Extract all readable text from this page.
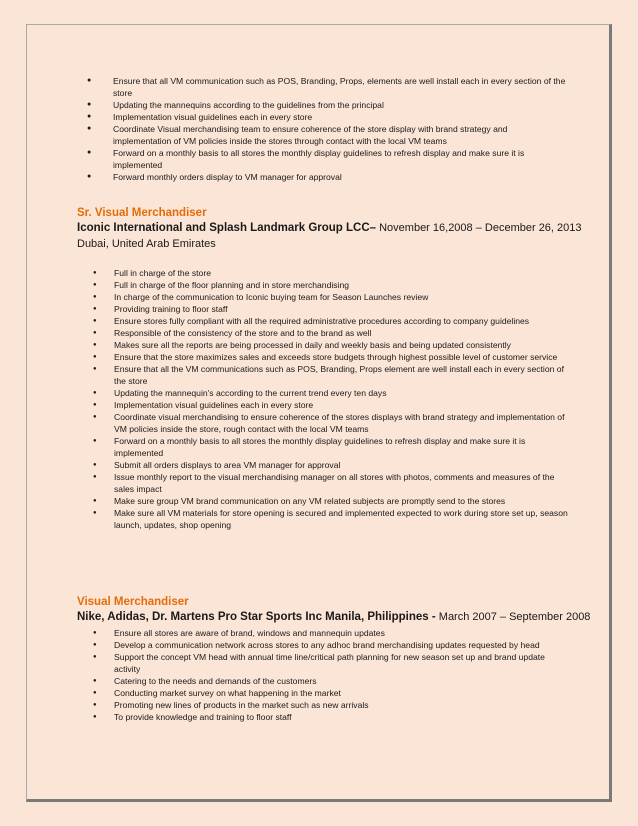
● Ensure that all VM communication such as POS, Branding, Props, elements are well install each in every section of the store
● Updating the mannequins according to the guidelines from the principal
● Implementation visual guidelines each in every store
● Coordinate Visual merchandising team to ensure coherence of the store display with brand strategy and implementation of VM policies inside the stores through contact with the local VM teams
● Forward on a monthly basis to all stores the monthly display guidelines to refresh display and make sure it is implemented
● Forward monthly orders display to VM manager for approval
Sr. Visual Merchandiser
Iconic International and Splash Landmark Group LCC– November 16,2008 – December 26, 2013
Dubai, United Arab Emirates
● Full in charge of the store
● Full in charge of the floor planning and in store merchandising
● In charge of the communication to Iconic buying team for Season Launches review
● Providing training to floor staff
● Ensure stores fully compliant with all the required administrative procedures according to company guidelines
● Responsible of the consistency of the store and to the brand as well
● Makes sure all the reports are being processed in daily and weekly basis and being updated consistently
● Ensure that the store maximizes sales and exceeds store budgets through highest possible level of customer service
● Ensure that all the VM communications such as POS, Branding, Props element are well install each in every section of the store
● Updating the mannequin's according to the current trend every ten days
● Implementation visual guidelines each in every store
● Coordinate visual merchandising to ensure coherence of the stores displays with brand strategy and implementation of VM policies inside the store, rough contact with the local VM teams
● Forward on a monthly basis to all stores the monthly display guidelines to refresh display and make sure it is implemented
● Submit all orders displays to area VM manager for approval
● Issue monthly report to the visual merchandising manager on all stores with photos, comments and measures of the sales impact
● Make sure group VM brand communication on any VM related subjects are promptly send to the stores
● Make sure all VM materials for store opening is secured and implemented expected to work during store set up, season launch, updates, shop opening
Visual Merchandiser
Nike, Adidas, Dr. Martens Pro Star Sports Inc Manila, Philippines - March 2007 – September 2008
● Ensure all stores are aware of brand, windows and mannequin updates
● Develop a communication network across stores to any adhoc brand merchandising updates requested by head
● Support the concept VM head with annual time line/critical path planning for new season set up and brand update activity
● Catering to the needs and demands of the customers
● Conducting market survey on what happening in the market
● Promoting new lines of products in the market such as new arrivals
● To provide knowledge and training to floor staff
